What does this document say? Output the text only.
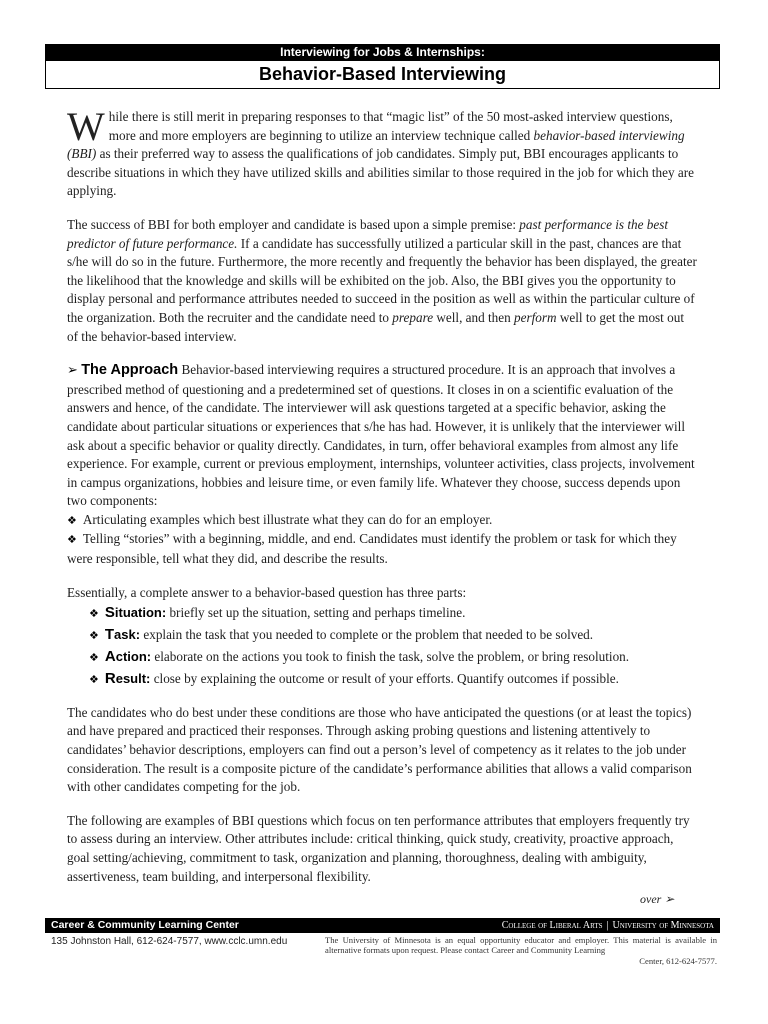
Interviewing for Jobs & Internships:
Behavior-Based Interviewing

While there is still merit in preparing responses to that “magic list” of the 50 most-asked interview questions, more and more employers are beginning to utilize an interview technique called behavior-based interviewing (BBI) as their preferred way to assess the qualifications of job candidates. Simply put, BBI encourages applicants to describe situations in which they have utilized skills and abilities similar to those required in the job for which they are applying.

The success of BBI for both employer and candidate is based upon a simple premise: past performance is the best predictor of future performance. If a candidate has successfully utilized a particular skill in the past, chances are that s/he will do so in the future. Furthermore, the more recently and frequently the behavior has been displayed, the greater the likelihood that the knowledge and skills will be exhibited on the job. Also, the BBI gives you the opportunity to display personal and performance attributes needed to succeed in the position as well as within the particular culture of the organization. Both the recruiter and the candidate need to prepare well, and then perform well to get the most out of the behavior-based interview.

➢ The Approach Behavior-based interviewing requires a structured procedure. It is an approach that involves a prescribed method of questioning and a predetermined set of questions. It closes in on a scientific evaluation of the answers and hence, of the candidate. The interviewer will ask questions targeted at a specific behavior, asking the candidate about particular situations or experiences that s/he has had. However, it is unlikely that the interviewer will ask about a specific behavior or quality directly. Candidates, in turn, offer behavioral examples from almost any life experience. For example, current or previous employment, internships, volunteer activities, class projects, involvement in campus organizations, hobbies and leisure time, or even family life. Whatever they choose, success depends upon two components:
❖ Articulating examples which best illustrate what they can do for an employer.
❖ Telling “stories” with a beginning, middle, and end. Candidates must identify the problem or task for which they were responsible, tell what they did, and describe the results.
Essentially, a complete answer to a behavior-based question has three parts:
❖ Situation: briefly set up the situation, setting and perhaps timeline.
❖ Task: explain the task that you needed to complete or the problem that needed to be solved.
❖ Action: elaborate on the actions you took to finish the task, solve the problem, or bring resolution.
❖ Result: close by explaining the outcome or result of your efforts. Quantify outcomes if possible.

The candidates who do best under these conditions are those who have anticipated the questions (or at least the topics) and have prepared and practiced their responses. Through asking probing questions and listening attentively to candidates’ behavior descriptions, employers can find out a person’s level of competency as it relates to the job under consideration. The result is a composite picture of the candidate’s performance abilities that allows a valid comparison with other candidates competing for the job.

The following are examples of BBI questions which focus on ten performance attributes that employers frequently try to assess during an interview. Other attributes include: critical thinking, quick study, creativity, proactive approach, goal setting/achieving, commitment to task, organization and planning, thoroughness, dealing with ambiguity, assertiveness, team building, and interpersonal flexibility.

over ➢
Career & Community Learning Center	College of Liberal Arts | University of Minnesota
135 Johnston Hall, 612-624-7577, www.cclc.umn.edu	The University of Minnesota is an equal opportunity educator and employer. This material is available in alternative formats upon request. Please contact Career and Community Learning
Center, 612-624-7577.
